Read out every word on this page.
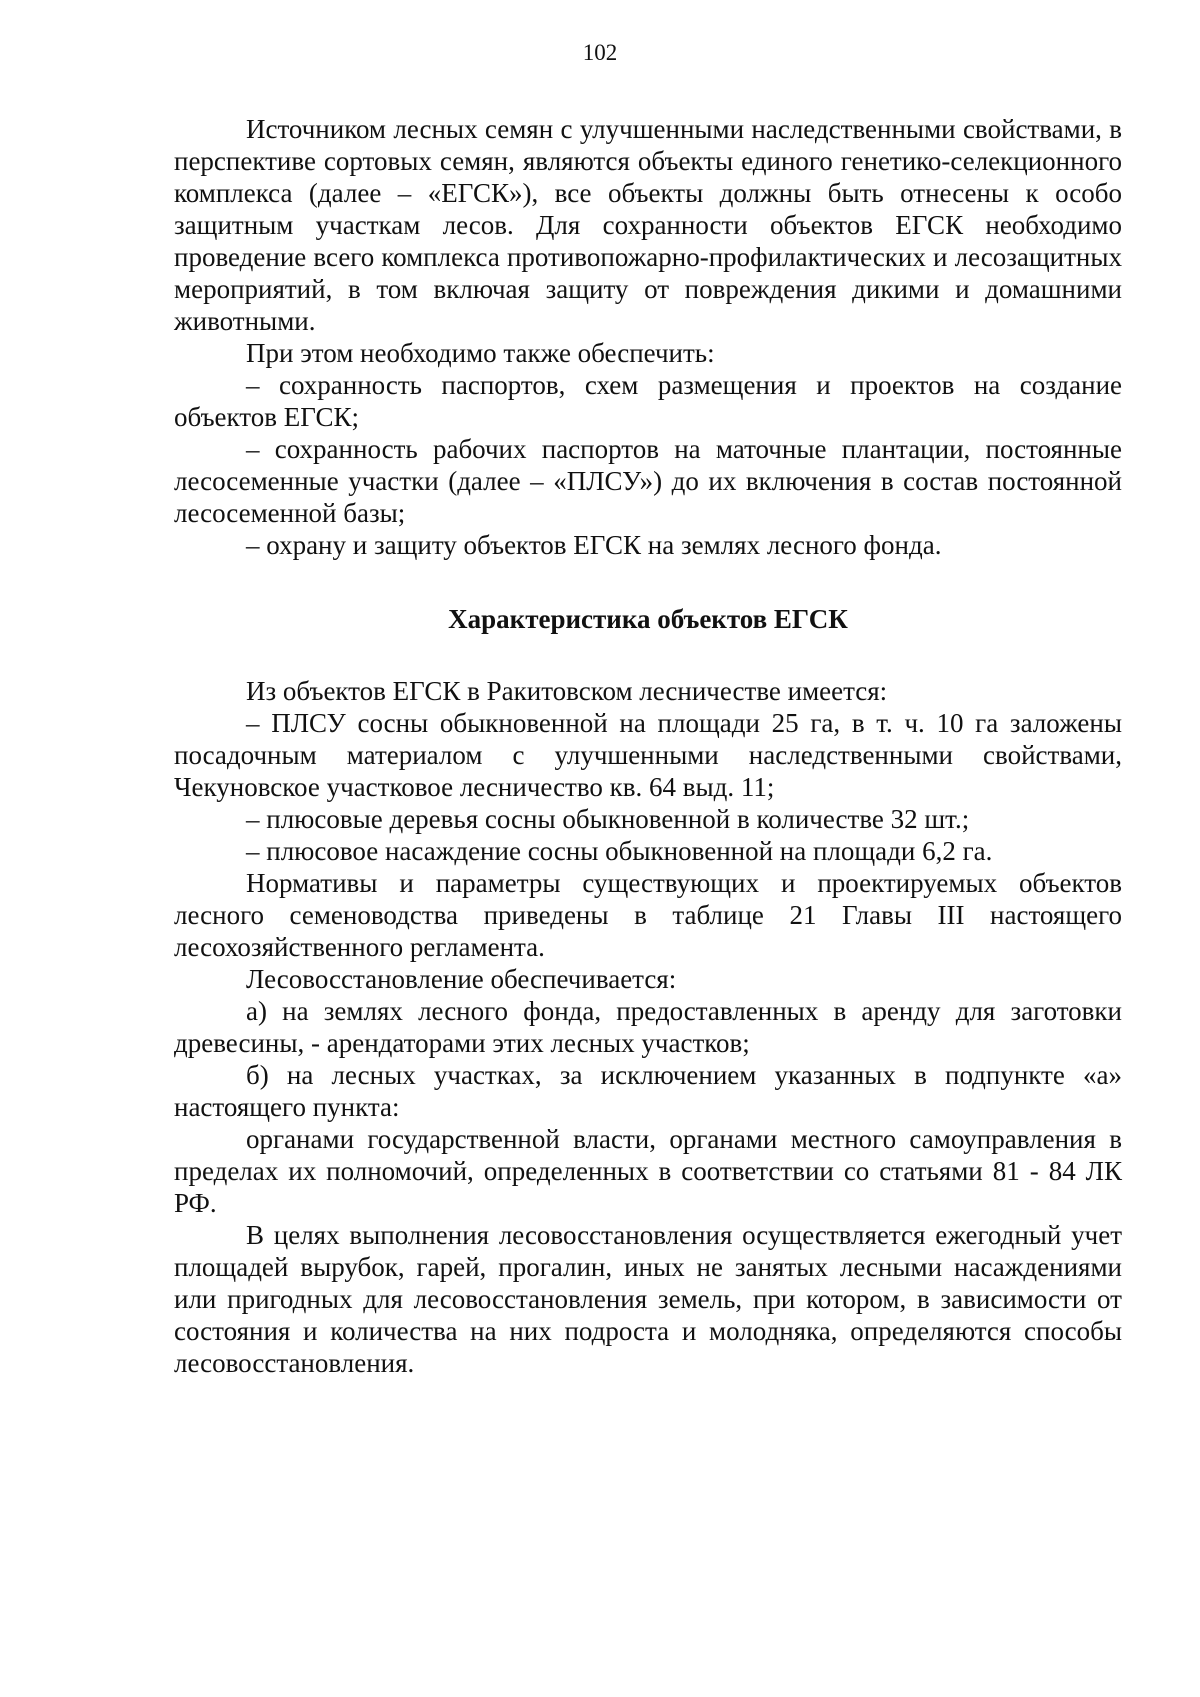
102

Источником лесных семян с улучшенными наследственными свойствами, в перспективе сортовых семян, являются объекты единого генетико-селекционного комплекса (далее – «ЕГСК»), все объекты должны быть отнесены к особо защитным участкам лесов. Для сохранности объектов ЕГСК необходимо проведение всего комплекса противопожарно-профилактических и лесозащитных мероприятий, в том включая защиту от повреждения дикими и домашними животными.

При этом необходимо также обеспечить:

– сохранность паспортов, схем размещения и проектов на создание объектов ЕГСК;

– сохранность рабочих паспортов на маточные плантации, постоянные лесосеменные участки (далее – «ПЛСУ») до их включения в состав постоянной лесосеменной базы;

– охрану и защиту объектов ЕГСК на землях лесного фонда.

Характеристика объектов ЕГСК

Из объектов ЕГСК в Ракитовском лесничестве имеется:

– ПЛСУ сосны обыкновенной на площади 25 га, в т. ч. 10 га заложены посадочным материалом с улучшенными наследственными свойствами, Чекуновское участковое лесничество кв. 64 выд. 11;

– плюсовые деревья сосны обыкновенной в количестве 32 шт.;

– плюсовое насаждение сосны обыкновенной на площади 6,2 га.

Нормативы и параметры существующих и проектируемых объектов лесного семеноводства приведены в таблице 21 Главы III настоящего лесохозяйственного регламента.

Лесовосстановление обеспечивается:

а) на землях лесного фонда, предоставленных в аренду для заготовки древесины, - арендаторами этих лесных участков;

б) на лесных участках, за исключением указанных в подпункте «а» настоящего пункта:

органами государственной власти, органами местного самоуправления в пределах их полномочий, определенных в соответствии со статьями 81 - 84 ЛК РФ.

В целях выполнения лесовосстановления осуществляется ежегодный учет площадей вырубок, гарей, прогалин, иных не занятых лесными насаждениями или пригодных для лесовосстановления земель, при котором, в зависимости от состояния и количества на них подроста и молодняка, определяются способы лесовосстановления.
